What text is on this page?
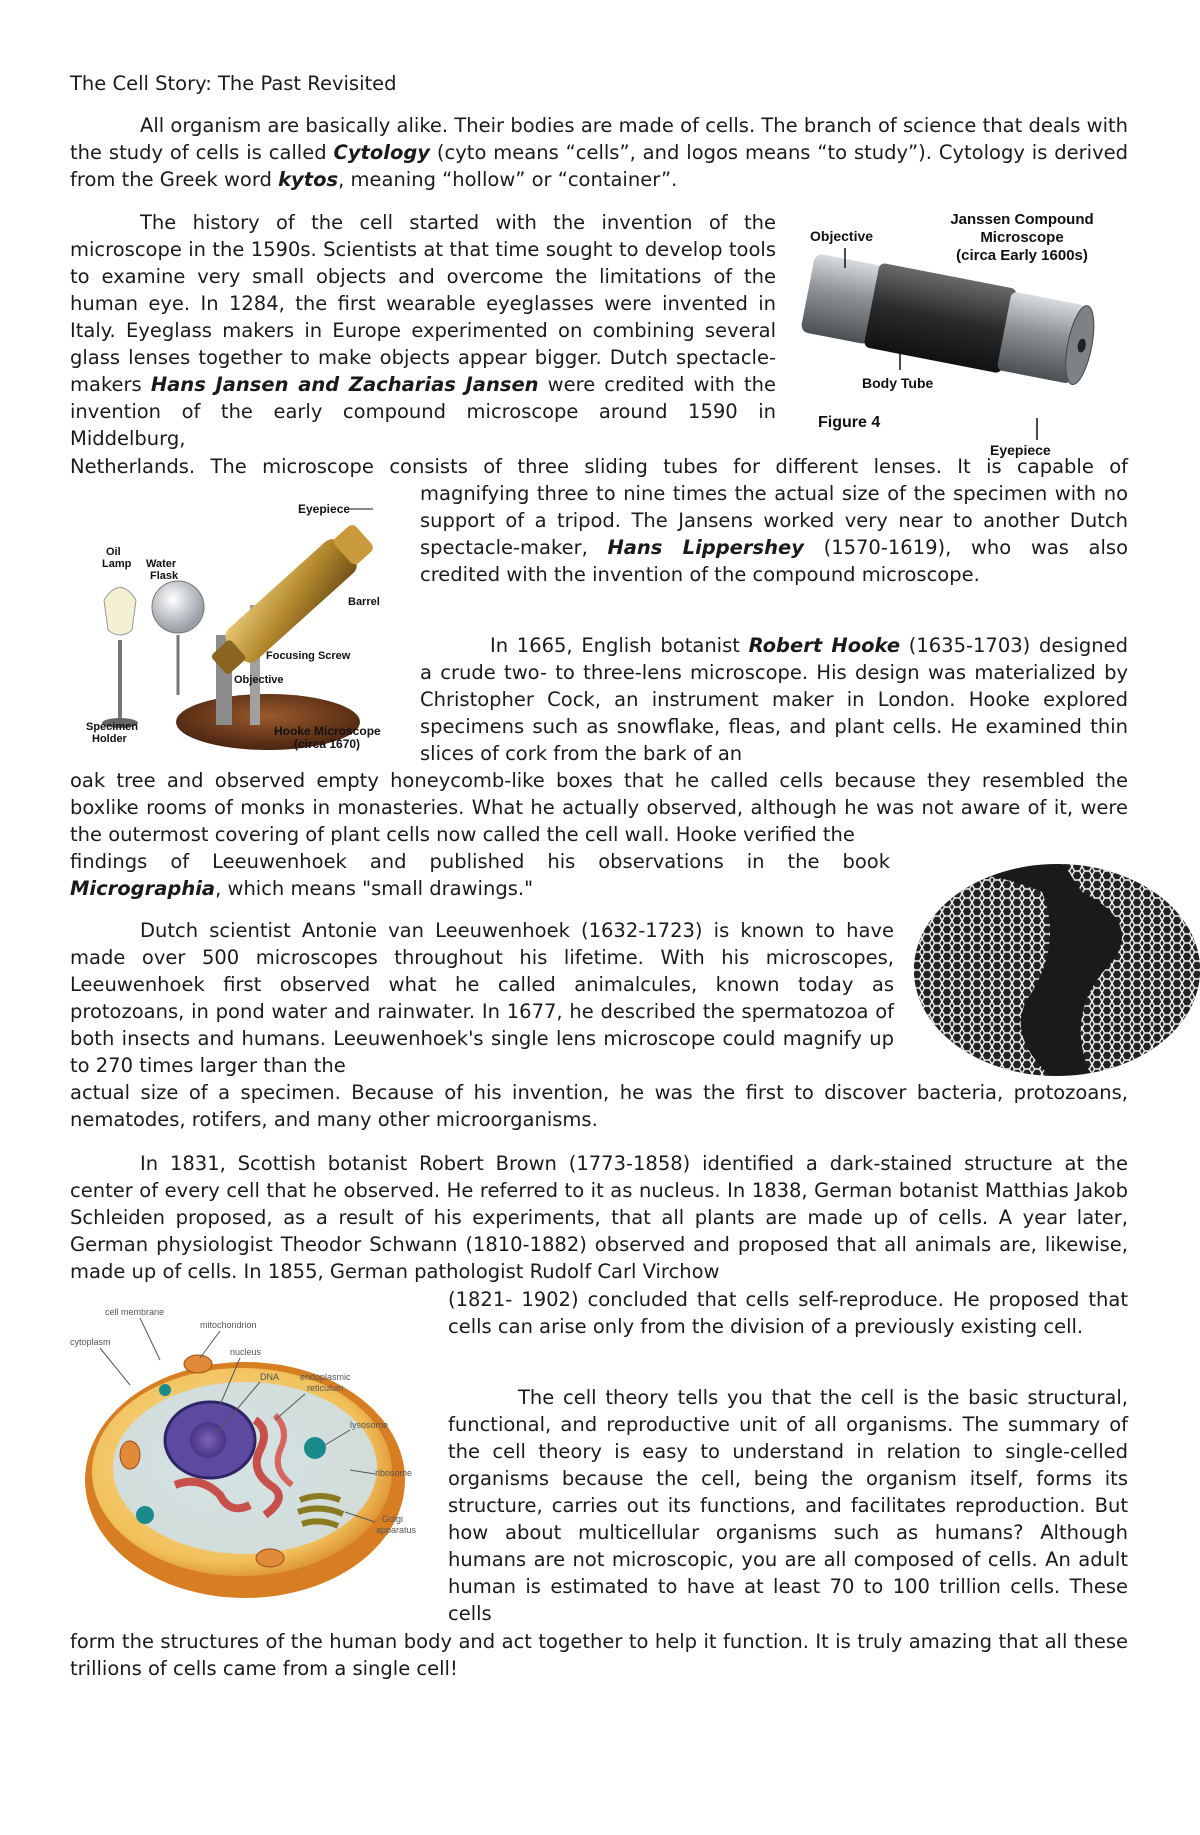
The Cell Story: The Past Revisited

All organism are basically alike. Their bodies are made of cells. The branch of science that deals with the study of cells is called Cytology (cyto means “cells”, and logos means “to study”). Cytology is derived from the Greek word kytos, meaning “hollow” or “container”.

The history of the cell started with the invention of the microscope in the 1590s. Scientists at that time sought to develop tools to examine very small objects and overcome the limitations of the human eye. In 1284, the first wearable eyeglasses were invented in Italy. Eyeglass makers in Europe experimented on combining several glass lenses together to make objects appear bigger. Dutch spectacle-makers Hans Jansen and Zacharias Jansen were credited with the invention of the early compound microscope around 1590 in Middelburg,

Janssen Compound
Microscope
(circa Early 1600s)
Objective
Body Tube
Figure 4
Eyepiece

Netherlands. The microscope consists of three sliding tubes for different lenses. It is capable of

Eyepiece
Oil
Lamp Water
Flask
Barrel
Focusing Screw
Objective
Specimen
Holder
Hooke Microscope
(circa 1670)

magnifying three to nine times the actual size of the specimen with no support of a tripod. The Jansens worked very near to another Dutch spectacle-maker, Hans Lippershey (1570-1619), who was also credited with the invention of the compound microscope.

In 1665, English botanist Robert Hooke (1635-1703) designed a crude two- to three-lens microscope. His design was materialized by Christopher Cock, an instrument maker in London. Hooke explored specimens such as snowflake, fleas, and plant cells. He examined thin slices of cork from the bark of an

oak tree and observed empty honeycomb-like boxes that he called cells because they resembled the boxlike rooms of monks in monasteries. What he actually observed, although he was not aware of it, were the outermost covering of plant cells now called the cell wall. Hooke verified the

findings of Leeuwenhoek and published his observations in the book Micrographia, which means "small drawings."

Dutch scientist Antonie van Leeuwenhoek (1632-1723) is known to have made over 500 microscopes throughout his lifetime. With his microscopes, Leeuwenhoek first observed what he called animalcules, known today as protozoans, in pond water and rainwater. In 1677, he described the spermatozoa of both insects and humans. Leeuwenhoek's single lens microscope could magnify up to 270 times larger than the

actual size of a specimen. Because of his invention, he was the first to discover bacteria, protozoans, nematodes, rotifers, and many other microorganisms.

In 1831, Scottish botanist Robert Brown (1773-1858) identified a dark-stained structure at the center of every cell that he observed. He referred to it as nucleus. In 1838, German botanist Matthias Jakob Schleiden proposed, as a result of his experiments, that all plants are made up of cells. A year later, German physiologist Theodor Schwann (1810-1882) observed and proposed that all animals are, likewise, made up of cells. In 1855, German pathologist Rudolf Carl Virchow

cell membrane
mitochondrion
cytoplasm
nucleus
DNA endoplasmic
reticulum
lysosome
ribosome
Golgi
apparatus

(1821- 1902) concluded that cells self-reproduce. He proposed that cells can arise only from the division of a previously existing cell.

The cell theory tells you that the cell is the basic structural, functional, and reproductive unit of all organisms. The summary of the cell theory is easy to understand in relation to single-celled organisms because the cell, being the organism itself, forms its structure, carries out its functions, and facilitates reproduction. But how about multicellular organisms such as humans? Although humans are not microscopic, you are all composed of cells. An adult human is estimated to have at least 70 to 100 trillion cells. These cells

form the structures of the human body and act together to help it function. It is truly amazing that all these trillions of cells came from a single cell!
